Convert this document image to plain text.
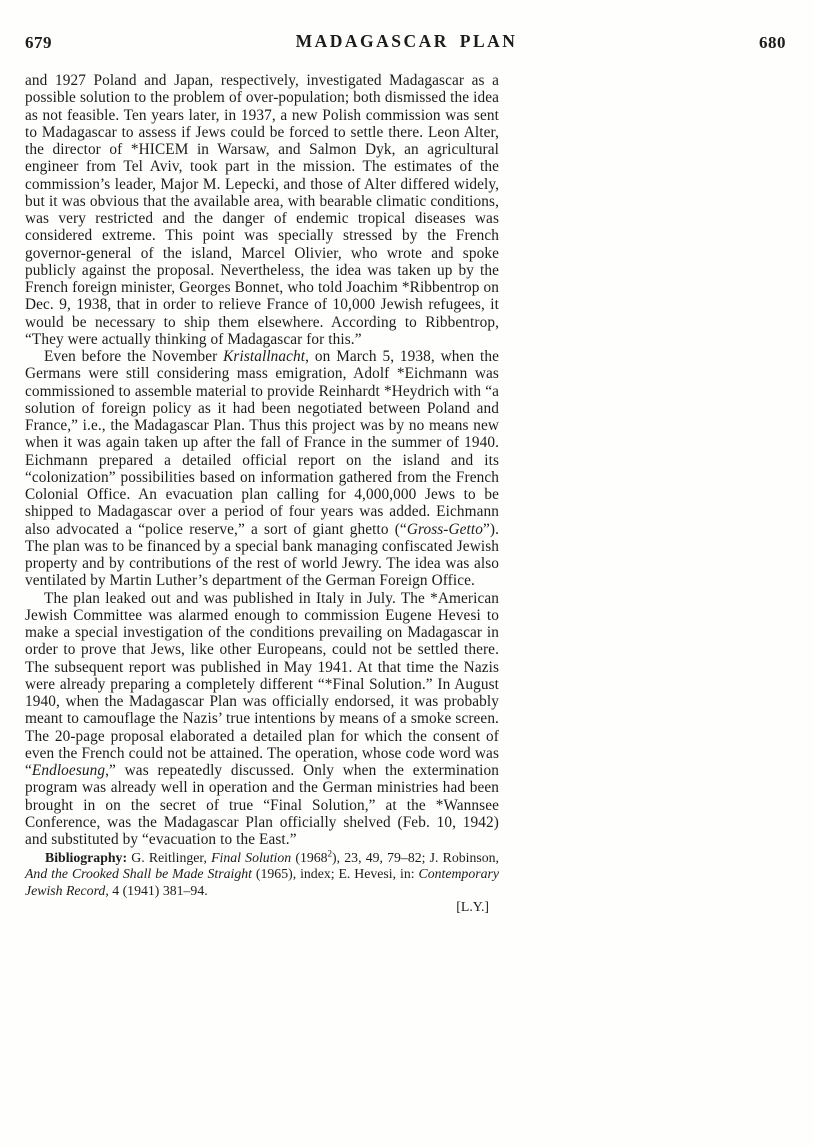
679	MADAGASCAR PLAN	680

and 1927 Poland and Japan, respectively, investigated Madagascar as a possible solution to the problem of over-population; both dismissed the idea as not feasible. Ten years later, in 1937, a new Polish commission was sent to Madagascar to assess if Jews could be forced to settle there. Leon Alter, the director of *HICEM in Warsaw, and Salmon Dyk, an agricultural engineer from Tel Aviv, took part in the mission. The estimates of the commission’s leader, Major M. Lepecki, and those of Alter differed widely, but it was obvious that the available area, with bearable climatic conditions, was very restricted and the danger of endemic tropical diseases was considered extreme. This point was specially stressed by the French governor-general of the island, Marcel Olivier, who wrote and spoke publicly against the proposal. Nevertheless, the idea was taken up by the French foreign minister, Georges Bonnet, who told Joachim *Ribbentrop on Dec. 9, 1938, that in order to relieve France of 10,000 Jewish refugees, it would be necessary to ship them elsewhere. According to Ribbentrop, “They were actually thinking of Madagascar for this.”

Even before the November Kristallnacht, on March 5, 1938, when the Germans were still considering mass emigration, Adolf *Eichmann was commissioned to assemble material to provide Reinhardt *Heydrich with “a solution of foreign policy as it had been negotiated between Poland and France,” i.e., the Madagascar Plan. Thus this project was by no means new when it was again taken up after the fall of France in the summer of 1940. Eichmann prepared a detailed official report on the island and its “colonization” possibilities based on information gathered from the French Colonial Office. An evacuation plan calling for 4,000,000 Jews to be shipped to Madagascar over a period of four years was added. Eichmann also advocated a “police reserve,” a sort of giant ghetto (“Gross-Getto”). The plan was to be financed by a special bank managing confiscated Jewish property and by contributions of the rest of world Jewry. The idea was also ventilated by Martin Luther’s department of the German Foreign Office.

The plan leaked out and was published in Italy in July. The *American Jewish Committee was alarmed enough to commission Eugene Hevesi to make a special investigation of the conditions prevailing on Madagascar in order to prove that Jews, like other Europeans, could not be settled there. The subsequent report was published in May 1941. At that time the Nazis were already preparing a completely different “*Final Solution.” In August 1940, when the Madagascar Plan was officially endorsed, it was probably meant to camouflage the Nazis’ true intentions by means of a smoke screen. The 20-page proposal elaborated a detailed plan for which the consent of even the French could not be attained. The operation, whose code word was “Endloesung,” was repeatedly discussed. Only when the extermination program was already well in operation and the German ministries had been brought in on the secret of true “Final Solution,” at the *Wannsee Conference, was the Madagascar Plan officially shelved (Feb. 10, 1942) and substituted by “evacuation to the East.”

Bibliography: G. Reitlinger, Final Solution (1968$^2$), 23, 49, 79–82; J. Robinson, And the Crooked Shall be Made Straight (1965), index; E. Hevesi, in: Contemporary Jewish Record, 4 (1941) 381–94.

[L.Y.]
